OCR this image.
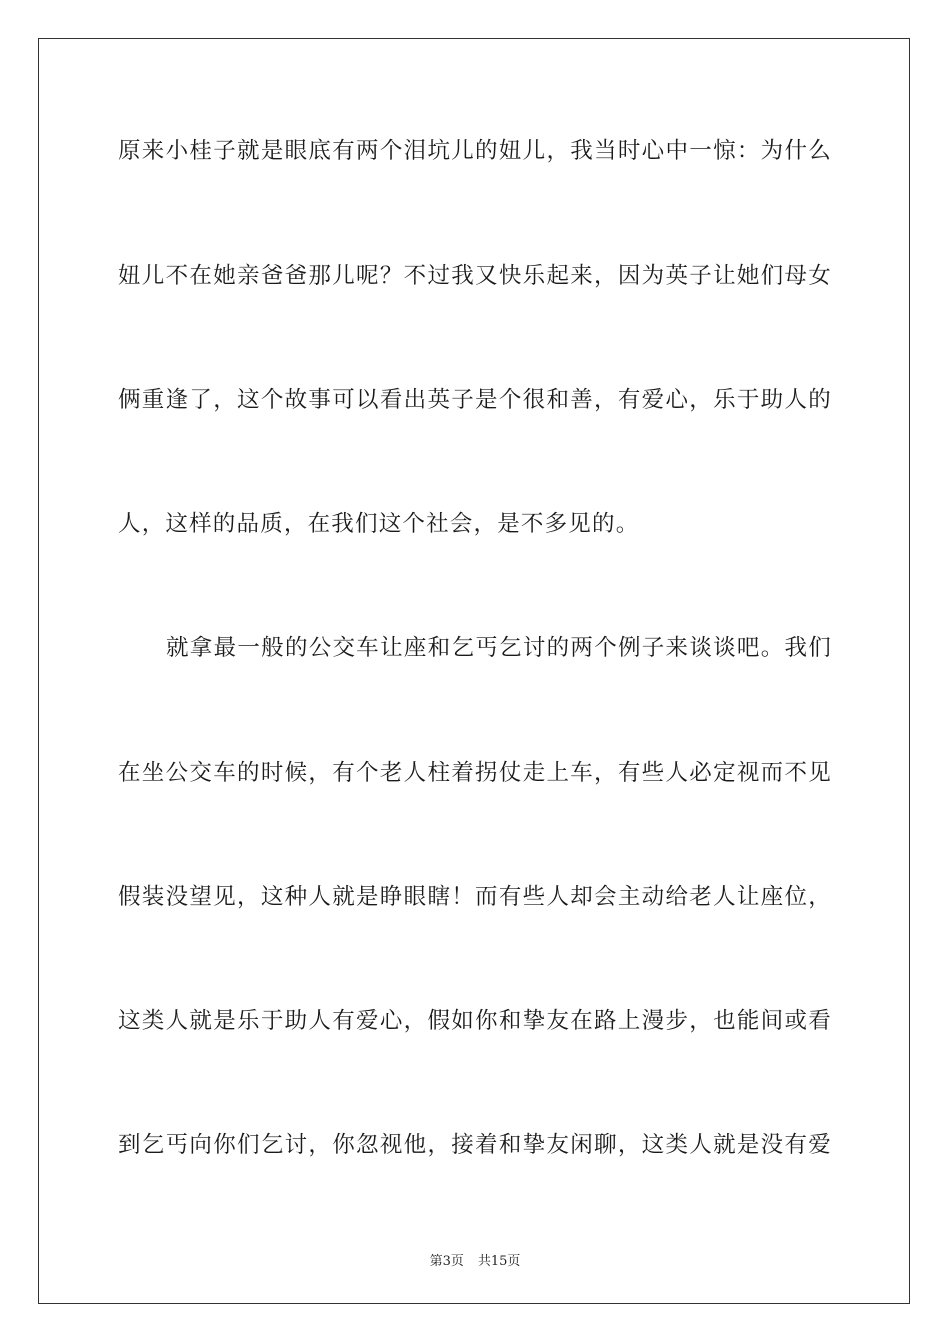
原来小桂子就是眼底有两个泪坑儿的妞儿，我当时心中一惊：为什么
妞儿不在她亲爸爸那儿呢？不过我又快乐起来，因为英子让她们母女
俩重逢了，这个故事可以看出英子是个很和善，有爱心，乐于助人的
人，这样的品质，在我们这个社会，是不多见的。
就拿最一般的公交车让座和乞丐乞讨的两个例子来谈谈吧。我们
在坐公交车的时候，有个老人柱着拐仗走上车，有些人必定视而不见
假装没望见，这种人就是睁眼瞎！而有些人却会主动给老人让座位，
这类人就是乐于助人有爱心，假如你和挚友在路上漫步，也能间或看
到乞丐向你们乞讨，你忽视他，接着和挚友闲聊，这类人就是没有爱
第3页 共15页
